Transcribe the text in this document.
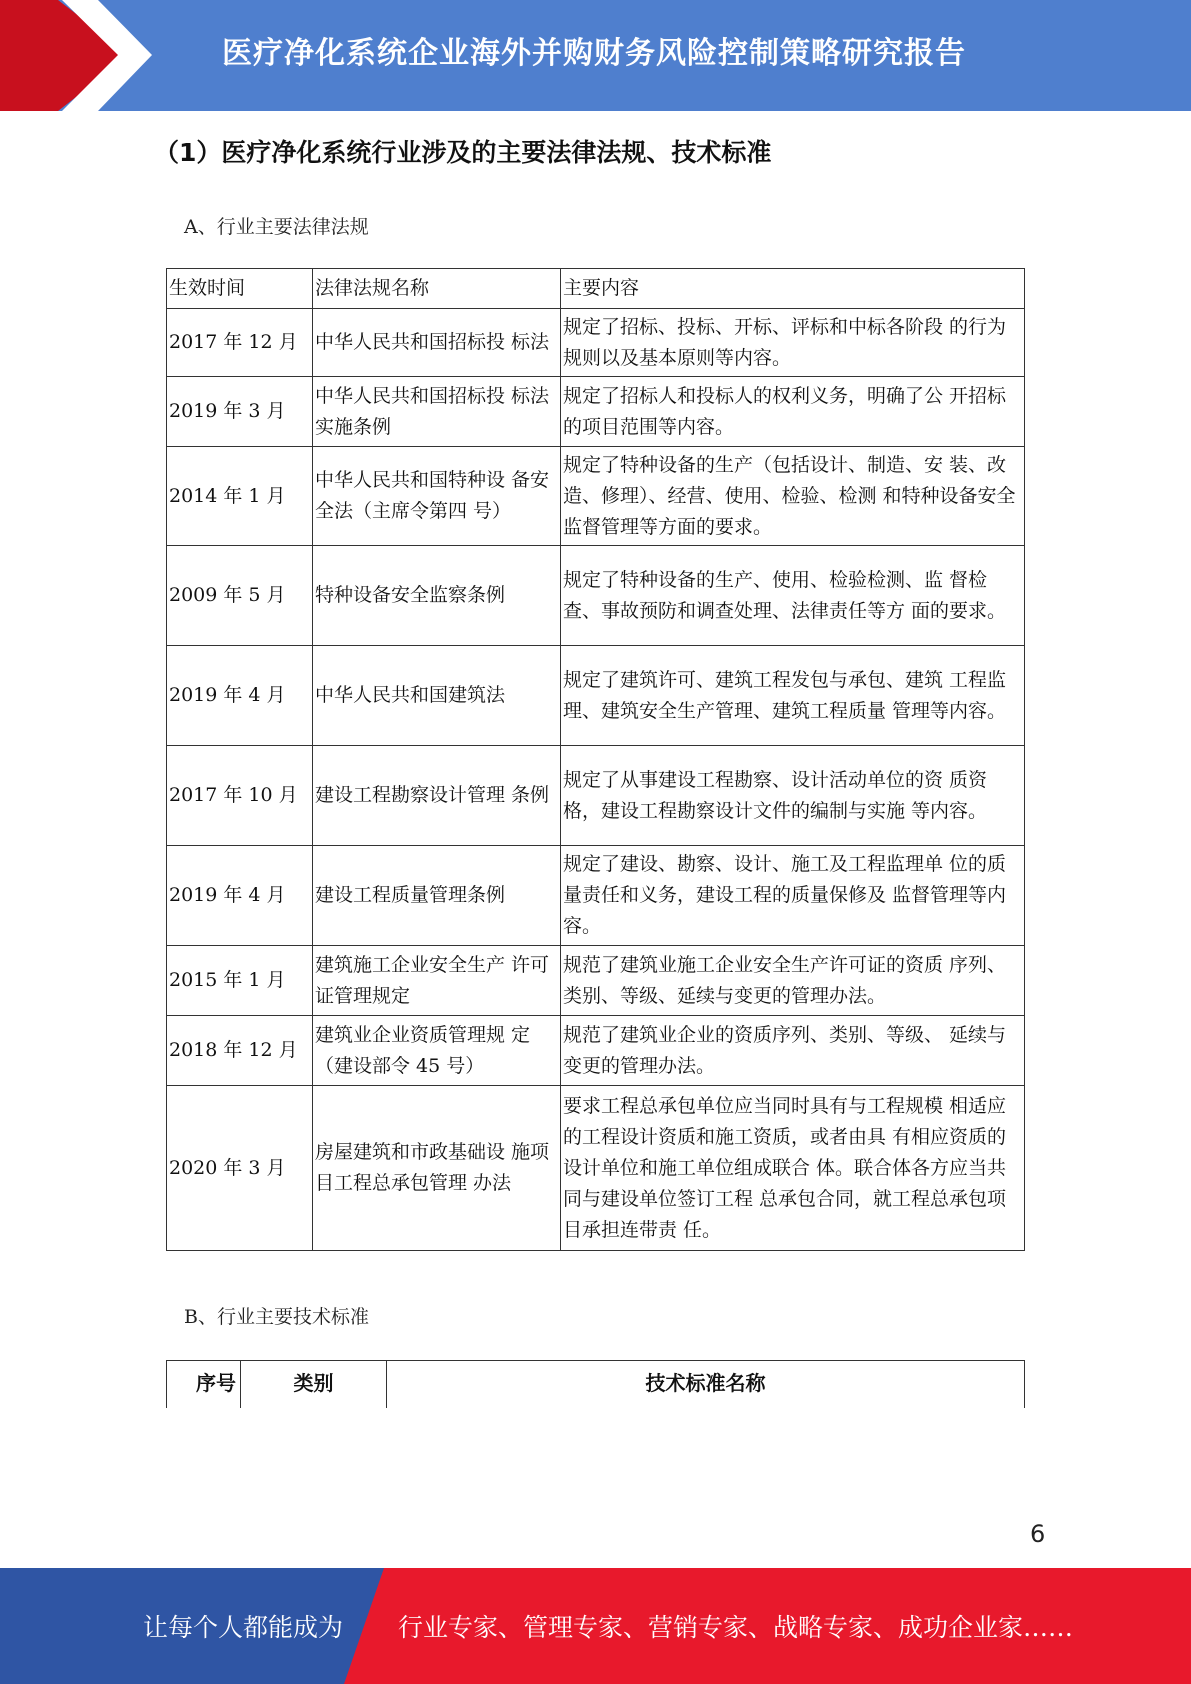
医疗净化系统企业海外并购财务风险控制策略研究报告
（1）医疗净化系统行业涉及的主要法律法规、技术标准
A、行业主要法律法规
生效时间	法律法规名称	主要内容
2017 年 12 月	中华人民共和国招标投 标法	规定了招标、投标、开标、评标和中标各阶段 的行为规则以及基本原则等内容。
2019 年 3 月	中华人民共和国招标投 标法实施条例	规定了招标人和投标人的权利义务，明确了公 开招标的项目范围等内容。
2014 年 1 月	中华人民共和国特种设 备安全法（主席令第四 号）	规定了特种设备的生产（包括设计、制造、安 装、改造、修理）、经营、使用、检验、检测 和特种设备安全监督管理等方面的要求。
2009 年 5 月	特种设备安全监察条例	规定了特种设备的生产、使用、检验检测、监 督检查、事故预防和调查处理、法律责任等方 面的要求。
2019 年 4 月	中华人民共和国建筑法	规定了建筑许可、建筑工程发包与承包、建筑 工程监理、建筑安全生产管理、建筑工程质量 管理等内容。
2017 年 10 月	建设工程勘察设计管理 条例	规定了从事建设工程勘察、设计活动单位的资 质资格，建设工程勘察设计文件的编制与实施 等内容。
2019 年 4 月	建设工程质量管理条例	规定了建设、勘察、设计、施工及工程监理单 位的质量责任和义务，建设工程的质量保修及 监督管理等内容。
2015 年 1 月	建筑施工企业安全生产 许可证管理规定	规范了建筑业施工企业安全生产许可证的资质 序列、类别、等级、延续与变更的管理办法。
2018 年 12 月	建筑业企业资质管理规 定（建设部令 45 号）	规范了建筑业企业的资质序列、类别、等级、 延续与变更的管理办法。
2020 年 3 月	房屋建筑和市政基础设 施项目工程总承包管理 办法	要求工程总承包单位应当同时具有与工程规模 相适应的工程设计资质和施工资质，或者由具 有相应资质的设计单位和施工单位组成联合 体。联合体各方应当共同与建设单位签订工程 总承包合同，就工程总承包项目承担连带责 任。
B、行业主要技术标准
序号	类别	技术标准名称
6
让每个人都能成为 行业专家、管理专家、营销专家、战略专家、成功企业家……
